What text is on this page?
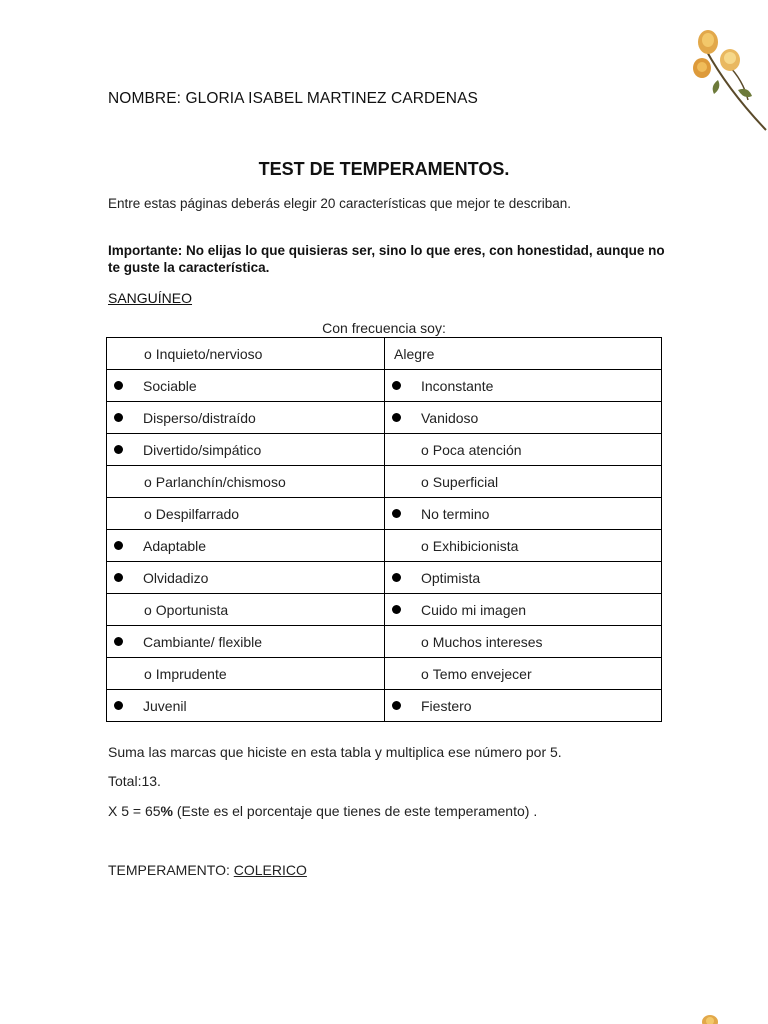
NOMBRE: GLORIA ISABEL MARTINEZ CARDENAS
TEST DE TEMPERAMENTOS.
Entre estas páginas deberás elegir 20 características que mejor te describan.
Importante: No elijas lo que quisieras ser, sino lo que eres, con honestidad, aunque no te guste la característica.
SANGUÍNEO
Con frecuencia soy:
o Inquieto/nervioso	Alegre

Sociable	Inconstante

Disperso/distraído	Vanidoso

Divertido/simpático	o Poca atención

o Parlanchín/chismoso	o Superficial

o Despilfarrado	No termino

Adaptable	o Exhibicionista

Olvidadizo	Optimista

o Oportunista	Cuido mi imagen

Cambiante/ flexible	o Muchos intereses

o Imprudente	o Temo envejecer

Juvenil	Fiestero
Suma las marcas que hiciste en esta tabla y multiplica ese número por 5.
Total:13.
X 5 = 65% (Este es el porcentaje que tienes de este temperamento) .
TEMPERAMENTO: COLERICO
